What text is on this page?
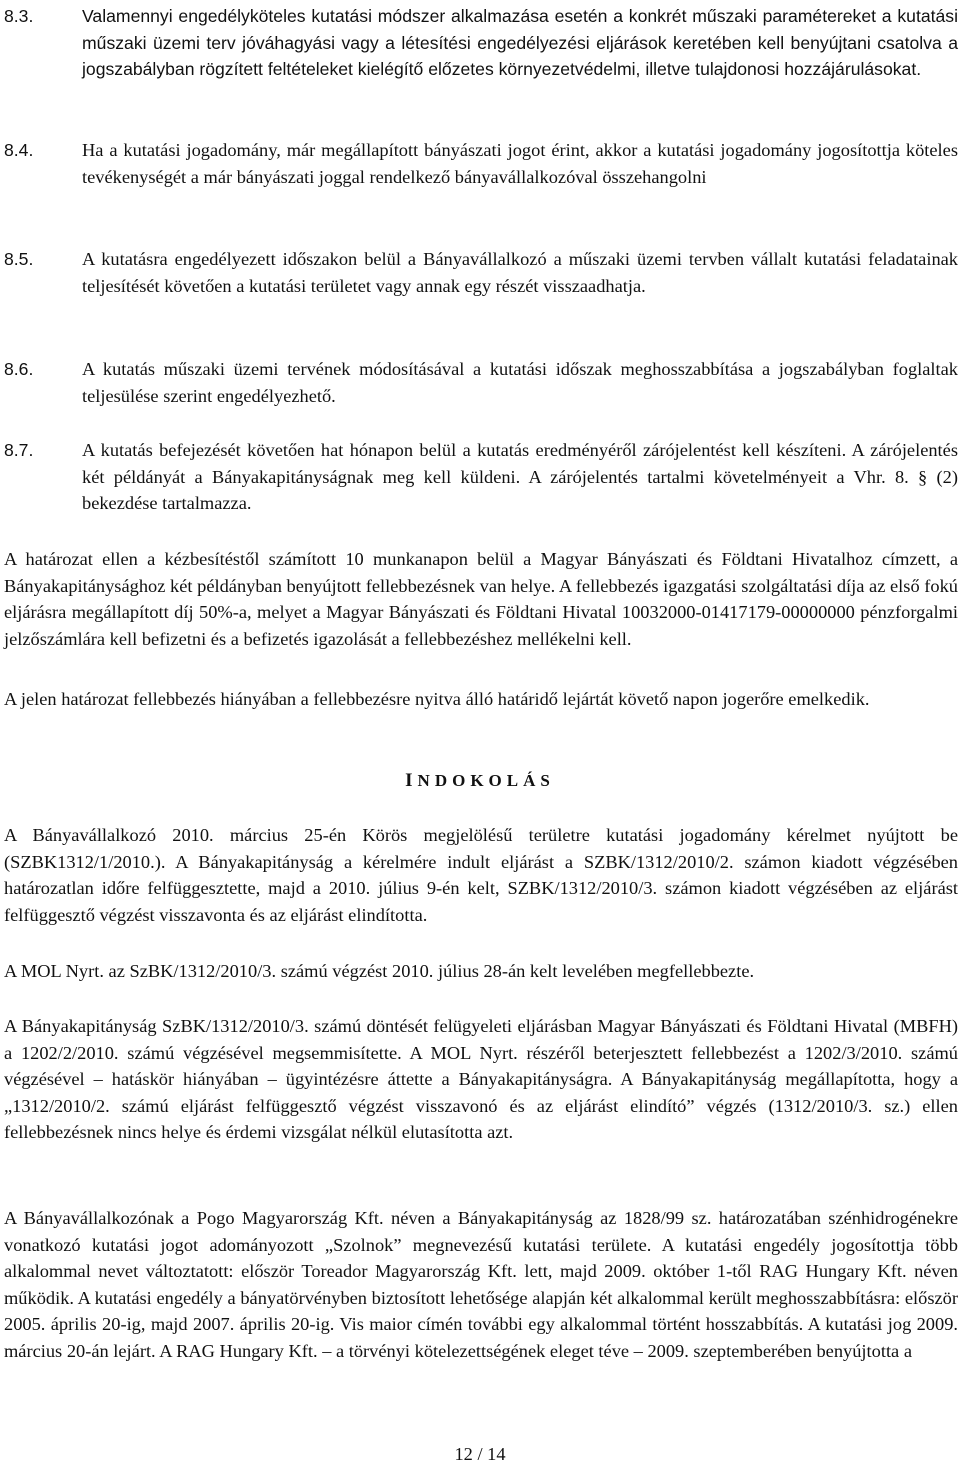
8.3.	Valamennyi engedélyköteles kutatási módszer alkalmazása esetén a konkrét műszaki paramétereket a kutatási műszaki üzemi terv jóváhagyási vagy a létesítési engedélyezési eljárások keretében kell benyújtani csatolva a jogszabályban rögzített feltételeket kielégítő előzetes környezetvédelmi, illetve tulajdonosi hozzájárulásokat.
8.4.	Ha a kutatási jogadomány, már megállapított bányászati jogot érint, akkor a kutatási jogadomány jogosítottja köteles tevékenységét a már bányászati joggal rendelkező bányavállalkozóval összehangolni
8.5.	A kutatásra engedélyezett időszakon belül a Bányavállalkozó a műszaki üzemi tervben vállalt kutatási feladatainak teljesítését követően a kutatási területet vagy annak egy részét visszaadhatja.
8.6.	A kutatás műszaki üzemi tervének módosításával a kutatási időszak meghosszabbítása a jogszabályban foglaltak teljesülése szerint engedélyezhető.
8.7.	A kutatás befejezését követően hat hónapon belül a kutatás eredményéről zárójelentést kell készíteni. A zárójelentés két példányát a Bányakapitányságnak meg kell küldeni. A zárójelentés tartalmi követelményeit a Vhr. 8. § (2) bekezdése tartalmazza.

A határozat ellen a kézbesítéstől számított 10 munkanapon belül a Magyar Bányászati és Földtani Hivatalhoz címzett, a Bányakapitánysághoz két példányban benyújtott fellebbezésnek van helye. A fellebbezés igazgatási szolgáltatási díja az első fokú eljárásra megállapított díj 50%-a, melyet a Magyar Bányászati és Földtani Hivatal 10032000-01417179-00000000 pénzforgalmi jelzőszámlára kell befizetni és a befizetés igazolását a fellebbezéshez mellékelni kell.

A jelen határozat fellebbezés hiányában a fellebbezésre nyitva álló határidő lejártát követő napon jogerőre emelkedik.

INDOKOLÁS

A Bányavállalkozó 2010. március 25-én Körös megjelölésű területre kutatási jogadomány kérelmet nyújtott be (SZBK1312/1/2010.). A Bányakapitányság a kérelmére indult eljárást a SZBK/1312/2010/2. számon kiadott végzésében határozatlan időre felfüggesztette, majd a 2010. július 9-én kelt, SZBK/1312/2010/3. számon kiadott végzésében az eljárást felfüggesztő végzést visszavonta és az eljárást elindította.

A MOL Nyrt. az SzBK/1312/2010/3. számú végzést 2010. július 28-án kelt levelében megfellebbezte.

A Bányakapitányság SzBK/1312/2010/3. számú döntését felügyeleti eljárásban Magyar Bányászati és Földtani Hivatal (MBFH) a 1202/2/2010. számú végzésével megsemmisítette. A MOL Nyrt. részéről beterjesztett fellebbezést a 1202/3/2010. számú végzésével – hatáskör hiányában – ügyintézésre áttette a Bányakapitányságra. A Bányakapitányság megállapította, hogy a „1312/2010/2. számú eljárást felfüggesztő végzést visszavonó és az eljárást elindító” végzés (1312/2010/3. sz.) ellen fellebbezésnek nincs helye és érdemi vizsgálat nélkül elutasította azt.

A Bányavállalkozónak a Pogo Magyarország Kft. néven a Bányakapitányság az 1828/99 sz. határozatában szénhidrogénekre vonatkozó kutatási jogot adományozott „Szolnok” megnevezésű kutatási területe. A kutatási engedély jogosítottja több alkalommal nevet változtatott: először Toreador Magyarország Kft. lett, majd 2009. október 1-től RAG Hungary Kft. néven működik. A kutatási engedély a bányatörvényben biztosított lehetősége alapján két alkalommal került meghosszabbításra: először 2005. április 20-ig, majd 2007. április 20-ig. Vis maior címén további egy alkalommal történt hosszabbítás. A kutatási jog 2009. március 20-án lejárt. A RAG Hungary Kft. – a törvényi kötelezettségének eleget téve – 2009. szeptemberében benyújtotta a

12 / 14
